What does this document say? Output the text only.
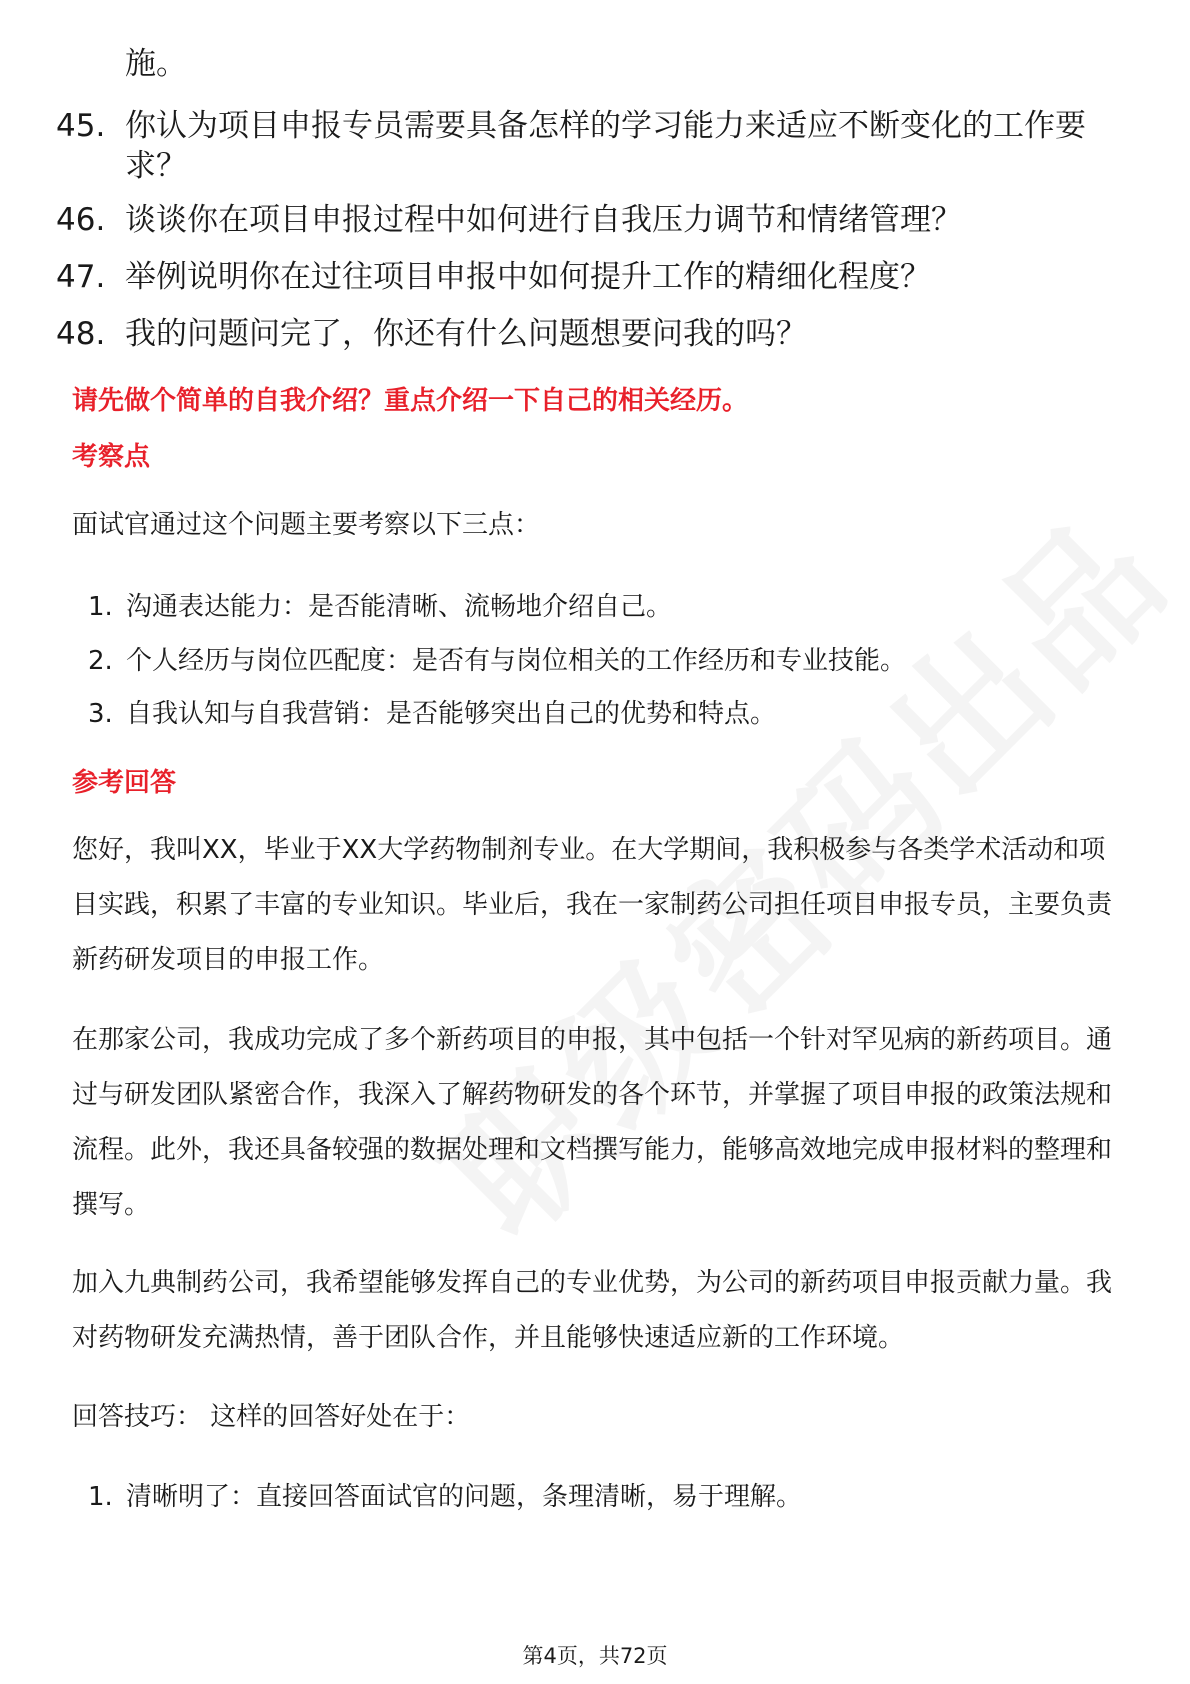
施。
45. 你认为项目申报专员需要具备怎样的学习能力来适应不断变化的工作要求？
46. 谈谈你在项目申报过程中如何进行自我压力调节和情绪管理？
47. 举例说明你在过往项目申报中如何提升工作的精细化程度？
48. 我的问题问完了，你还有什么问题想要问我的吗？
请先做个简单的自我介绍？重点介绍一下自己的相关经历。
考察点
面试官通过这个问题主要考察以下三点：
1. 沟通表达能力：是否能清晰、流畅地介绍自己。
2. 个人经历与岗位匹配度：是否有与岗位相关的工作经历和专业技能。
3. 自我认知与自我营销：是否能够突出自己的优势和特点。
参考回答
您好，我叫XX，毕业于XX大学药物制剂专业。在大学期间，我积极参与各类学术活动和项目实践，积累了丰富的专业知识。毕业后，我在一家制药公司担任项目申报专员，主要负责新药研发项目的申报工作。
在那家公司，我成功完成了多个新药项目的申报，其中包括一个针对罕见病的新药项目。通过与研发团队紧密合作，我深入了解药物研发的各个环节，并掌握了项目申报的政策法规和流程。此外，我还具备较强的数据处理和文档撰写能力，能够高效地完成申报材料的整理和撰写。
加入九典制药公司，我希望能够发挥自己的专业优势，为公司的新药项目申报贡献力量。我对药物研发充满热情，善于团队合作，并且能够快速适应新的工作环境。
回答技巧： 这样的回答好处在于：
1. 清晰明了：直接回答面试官的问题，条理清晰，易于理解。
第4页，共72页
